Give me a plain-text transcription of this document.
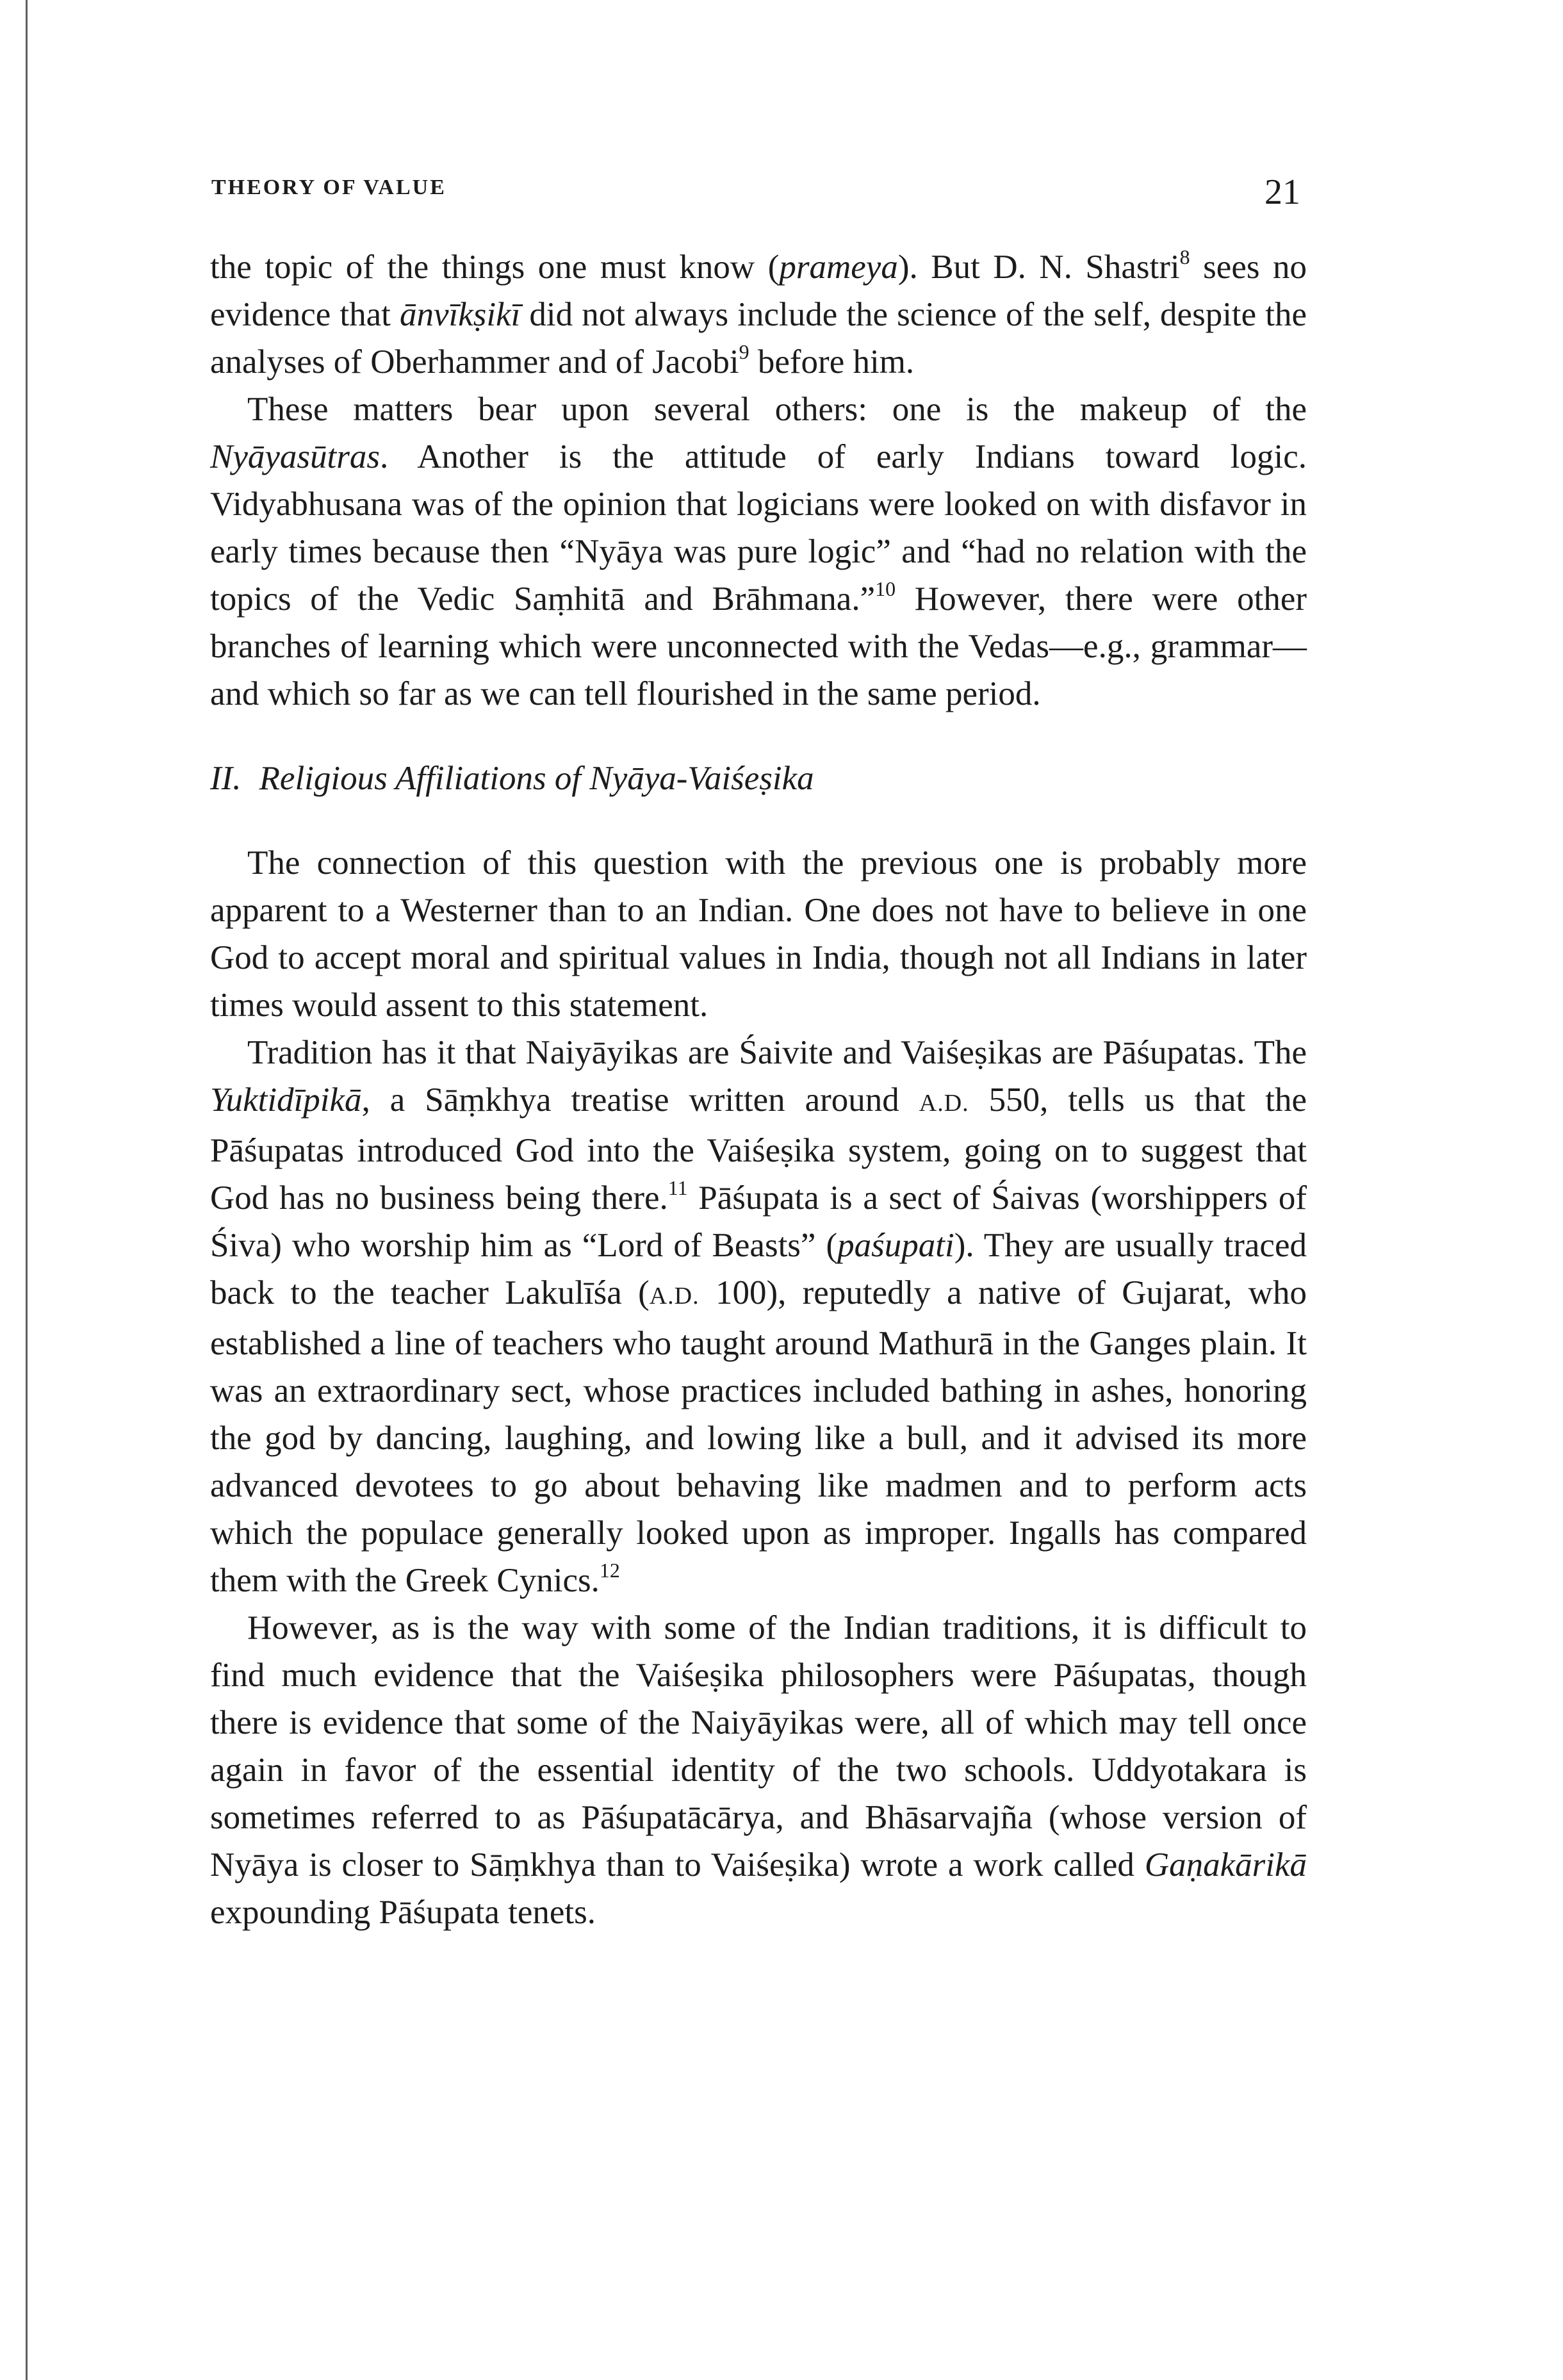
THEORY OF VALUE	21

the topic of the things one must know (prameya). But D. N. Shastri$^8$ sees no evidence that ānvīkṣikī did not always include the science of the self, despite the analyses of Oberhammer and of Jacobi$^9$ before him.

These matters bear upon several others: one is the makeup of the Nyāyasūtras. Another is the attitude of early Indians toward logic. Vidyabhusana was of the opinion that logicians were looked on with disfavor in early times because then “Nyāya was pure logic” and “had no relation with the topics of the Vedic Saṃhitā and Brāhmana.”$^{10}$ However, there were other branches of learning which were unconnected with the Vedas—e.g., grammar—and which so far as we can tell flourished in the same period.

II. Religious Affiliations of Nyāya-Vaiśeṣika

The connection of this question with the previous one is probably more apparent to a Westerner than to an Indian. One does not have to believe in one God to accept moral and spiritual values in India, though not all Indians in later times would assent to this statement.

Tradition has it that Naiyāyikas are Śaivite and Vaiśeṣikas are Pāśupatas. The Yuktidīpikā, a Sāṃkhya treatise written around A.D. 550, tells us that the Pāśupatas introduced God into the Vaiśeṣika system, going on to suggest that God has no business being there.$^{11}$ Pāśupata is a sect of Śaivas (worshippers of Śiva) who worship him as “Lord of Beasts” (paśupati). They are usually traced back to the teacher Lakulīśa (A.D. 100), reputedly a native of Gujarat, who established a line of teachers who taught around Mathurā in the Ganges plain. It was an extraordinary sect, whose practices included bathing in ashes, honoring the god by dancing, laughing, and lowing like a bull, and it advised its more advanced devotees to go about behaving like madmen and to perform acts which the populace generally looked upon as improper. Ingalls has compared them with the Greek Cynics.$^{12}$

However, as is the way with some of the Indian traditions, it is difficult to find much evidence that the Vaiśeṣika philosophers were Pāśupatas, though there is evidence that some of the Naiyāyikas were, all of which may tell once again in favor of the essential identity of the two schools. Uddyotakara is sometimes referred to as Pāśupatācārya, and Bhāsarvajña (whose version of Nyāya is closer to Sāṃkhya than to Vaiśeṣika) wrote a work called Gaṇakārikā expounding Pāśupata tenets.
